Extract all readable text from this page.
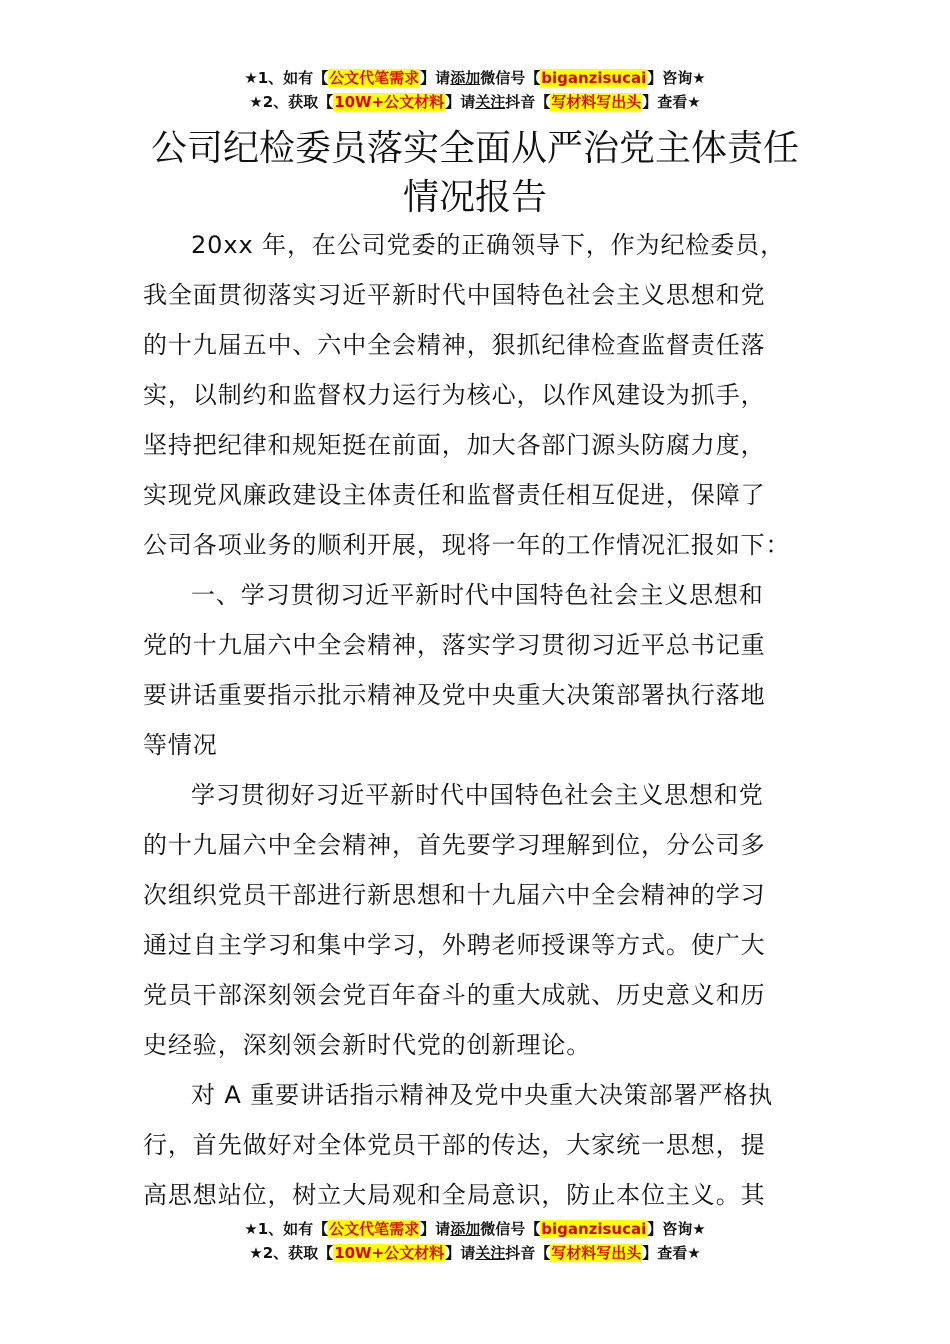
★1、如有【公文代笔需求】请添加微信号【biganzisucai】咨询★
★2、获取【10W+公文材料】请关注抖音【写材料写出头】查看★
公司纪检委员落实全面从严治党主体责任
情况报告
20xx 年，在公司党委的正确领导下，作为纪检委员，
我全面贯彻落实习近平新时代中国特色社会主义思想和党
的十九届五中、六中全会精神，狠抓纪律检查监督责任落
实，以制约和监督权力运行为核心，以作风建设为抓手，
坚持把纪律和规矩挺在前面，加大各部门源头防腐力度，
实现党风廉政建设主体责任和监督责任相互促进，保障了
公司各项业务的顺利开展，现将一年的工作情况汇报如下：
一、学习贯彻习近平新时代中国特色社会主义思想和
党的十九届六中全会精神，落实学习贯彻习近平总书记重
要讲话重要指示批示精神及党中央重大决策部署执行落地
等情况
学习贯彻好习近平新时代中国特色社会主义思想和党
的十九届六中全会精神，首先要学习理解到位，分公司多
次组织党员干部进行新思想和十九届六中全会精神的学习
通过自主学习和集中学习，外聘老师授课等方式。使广大
党员干部深刻领会党百年奋斗的重大成就、历史意义和历
史经验，深刻领会新时代党的创新理论。
对 A 重要讲话指示精神及党中央重大决策部署严格执
行，首先做好对全体党员干部的传达，大家统一思想，提
高思想站位，树立大局观和全局意识，防止本位主义。其
★1、如有【公文代笔需求】请添加微信号【biganzisucai】咨询★
★2、获取【10W+公文材料】请关注抖音【写材料写出头】查看★
